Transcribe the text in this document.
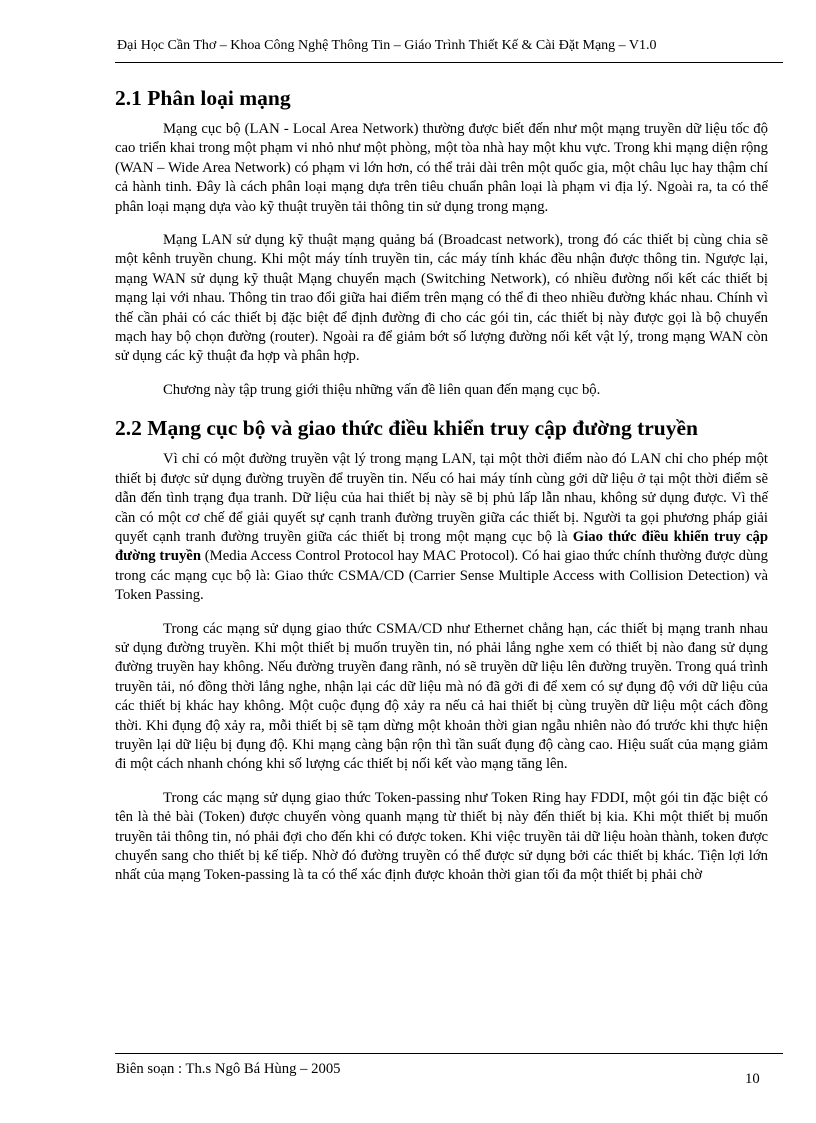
Đại Học Cần Thơ – Khoa Công Nghệ Thông Tin – Giáo Trình Thiết Kế & Cài Đặt Mạng – V1.0
2.1 Phân loại mạng

Mạng cục bộ (LAN - Local Area Network) thường được biết đến như một mạng truyền dữ liệu tốc độ cao triển khai trong một phạm vi nhỏ như một phòng, một tòa nhà hay một khu vực. Trong khi mạng diện rộng (WAN – Wide Area Network) có phạm vi lớn hơn, có thể trải dài trên một quốc gia, một châu lục hay thậm chí cả hành tinh. Đây là cách phân loại mạng dựa trên tiêu chuẩn phân loại là phạm vi địa lý. Ngoài ra, ta có thể phân loại mạng dựa vào kỹ thuật truyền tải thông tin sử dụng trong mạng.

Mạng LAN sử dụng kỹ thuật mạng quảng bá (Broadcast network), trong đó các thiết bị cùng chia sẽ một kênh truyền chung. Khi một máy tính truyền tin, các máy tính khác đều nhận được thông tin. Ngược lại, mạng WAN sử dụng kỹ thuật Mạng chuyển mạch (Switching Network), có nhiều đường nối kết các thiết bị mạng lại với nhau. Thông tin trao đổi giữa hai điểm trên mạng có thể đi theo nhiều đường khác nhau. Chính vì thế cần phải có các thiết bị đặc biệt để định đường đi cho các gói tin, các thiết bị này được gọi là bộ chuyển mạch hay bộ chọn đường (router). Ngoài ra để giảm bớt số lượng đường nối kết vật lý, trong mạng WAN còn sử dụng các kỹ thuật đa hợp và phân hợp.

Chương này tập trung giới thiệu những vấn đề liên quan đến mạng cục bộ.

2.2 Mạng cục bộ và giao thức điều khiển truy cập đường truyền

Vì chỉ có một đường truyền vật lý trong mạng LAN, tại một thời điểm nào đó LAN chỉ cho phép một thiết bị được sử dụng đường truyền để truyền tin. Nếu có hai máy tính cùng gởi dữ liệu ở tại một thời điểm sẽ dẫn đến tình trạng đụa tranh. Dữ liệu của hai thiết bị này sẽ bị phủ lấp lẫn nhau, không sử dụng được. Vì thế cần có một cơ chế để giải quyết sự cạnh tranh đường truyền giữa các thiết bị. Người ta gọi phương pháp giải quyết cạnh tranh đường truyền giữa các thiết bị trong một mạng cục bộ là Giao thức điều khiển truy cập đường truyền (Media Access Control Protocol hay MAC Protocol). Có hai giao thức chính thường được dùng trong các mạng cục bộ là: Giao thức CSMA/CD (Carrier Sense Multiple Access with Collision Detection) và Token Passing.

Trong các mạng sử dụng giao thức CSMA/CD như Ethernet chẳng hạn, các thiết bị mạng tranh nhau sử dụng đường truyền. Khi một thiết bị muốn truyền tin, nó phải lắng nghe xem có thiết bị nào đang sử dụng đường truyền hay không. Nếu đường truyền đang rãnh, nó sẽ truyền dữ liệu lên đường truyền. Trong quá trình truyền tải, nó đồng thời lắng nghe, nhận lại các dữ liệu mà nó đã gởi đi để xem có sự đụng độ với dữ liệu của các thiết bị khác hay không. Một cuộc đụng độ xảy ra nếu cả hai thiết bị cùng truyền dữ liệu một cách đồng thời. Khi đụng độ xảy ra, mỗi thiết bị sẽ tạm dừng một khoản thời gian ngẫu nhiên nào đó trước khi thực hiện truyền lại dữ liệu bị đụng độ. Khi mạng càng bận rộn thì tần suất đụng độ càng cao. Hiệu suất của mạng giảm đi một cách nhanh chóng khi số lượng các thiết bị nối kết vào mạng tăng lên.

Trong các mạng sử dụng giao thức Token-passing như Token Ring hay FDDI, một gói tin đặc biệt có tên là thẻ bài (Token) được chuyển vòng quanh mạng từ thiết bị này đến thiết bị kia. Khi một thiết bị muốn truyền tải thông tin, nó phải đợi cho đến khi có được token. Khi việc truyền tải dữ liệu hoàn thành, token được chuyển sang cho thiết bị kế tiếp. Nhờ đó đường truyền có thể được sử dụng bởi các thiết bị khác. Tiện lợi lớn nhất của mạng Token-passing là ta có thể xác định được khoản thời gian tối đa một thiết bị phải chờ

Biên soạn : Th.s Ngô Bá Hùng – 2005
10
